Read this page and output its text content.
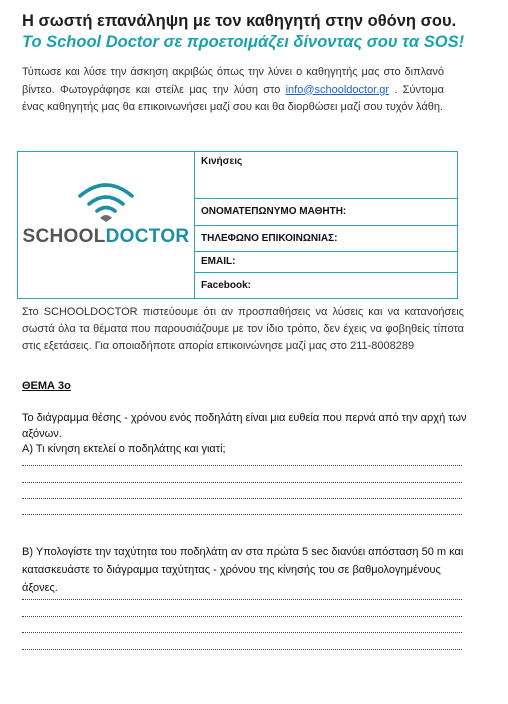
Η σωστή επανάληψη με τον καθηγητή στην οθόνη σου.
Το School Doctor σε προετοιμάζει δίνοντας σου τα SOS!
Τύπωσε και λύσε την άσκηση ακριβώς όπως την λύνει ο καθηγητής μας στο διπλανό βίντεο. Φωτογράφησε και στείλε μας την λύση στο info@schooldoctor.gr . Σύντομα ένας καθηγητής μας θα επικοινωνήσει μαζί σου και θα διορθώσει μαζί σου τυχόν λάθη.
SCHOOLDOCTOR
	Κινήσεις
ΟΝΟΜΑΤΕΠΩΝΥΜΟ ΜΑΘΗΤΗ:
ΤΗΛΕΦΩΝΟ ΕΠΙΚΟΙΝΩΝΙΑΣ:
EMAIL:
Facebook:
Στο SCHOOLDOCTOR πιστεύουμε ότι αν προσπαθήσεις να λύσεις και να κατανοήσεις σωστά όλα τα θέματα που παρουσιάζουμε με τον ίδιο τρόπο, δεν έχεις να φοβηθείς τίποτα στις εξετάσεις. Για οποιαδήποτε απορία επικοινώνησε μαζί μας στο 211-8008289
ΘΕΜΑ 3ο
Το διάγραμμα θέσης - χρόνου ενός ποδηλάτη είναι μια ευθεία που περνά από την αρχή των αξόνων.
Α) Τι κίνηση εκτελεί ο ποδηλάτης και γιατί;
Β) Υπολογίστε την ταχύτητα του ποδηλάτη αν στα πρώτα 5 sec διανύει απόσταση 50 m και κατασκευάστε το διάγραμμα ταχύτητας - χρόνου της κίνησής του σε βαθμολογημένους άξονες.
